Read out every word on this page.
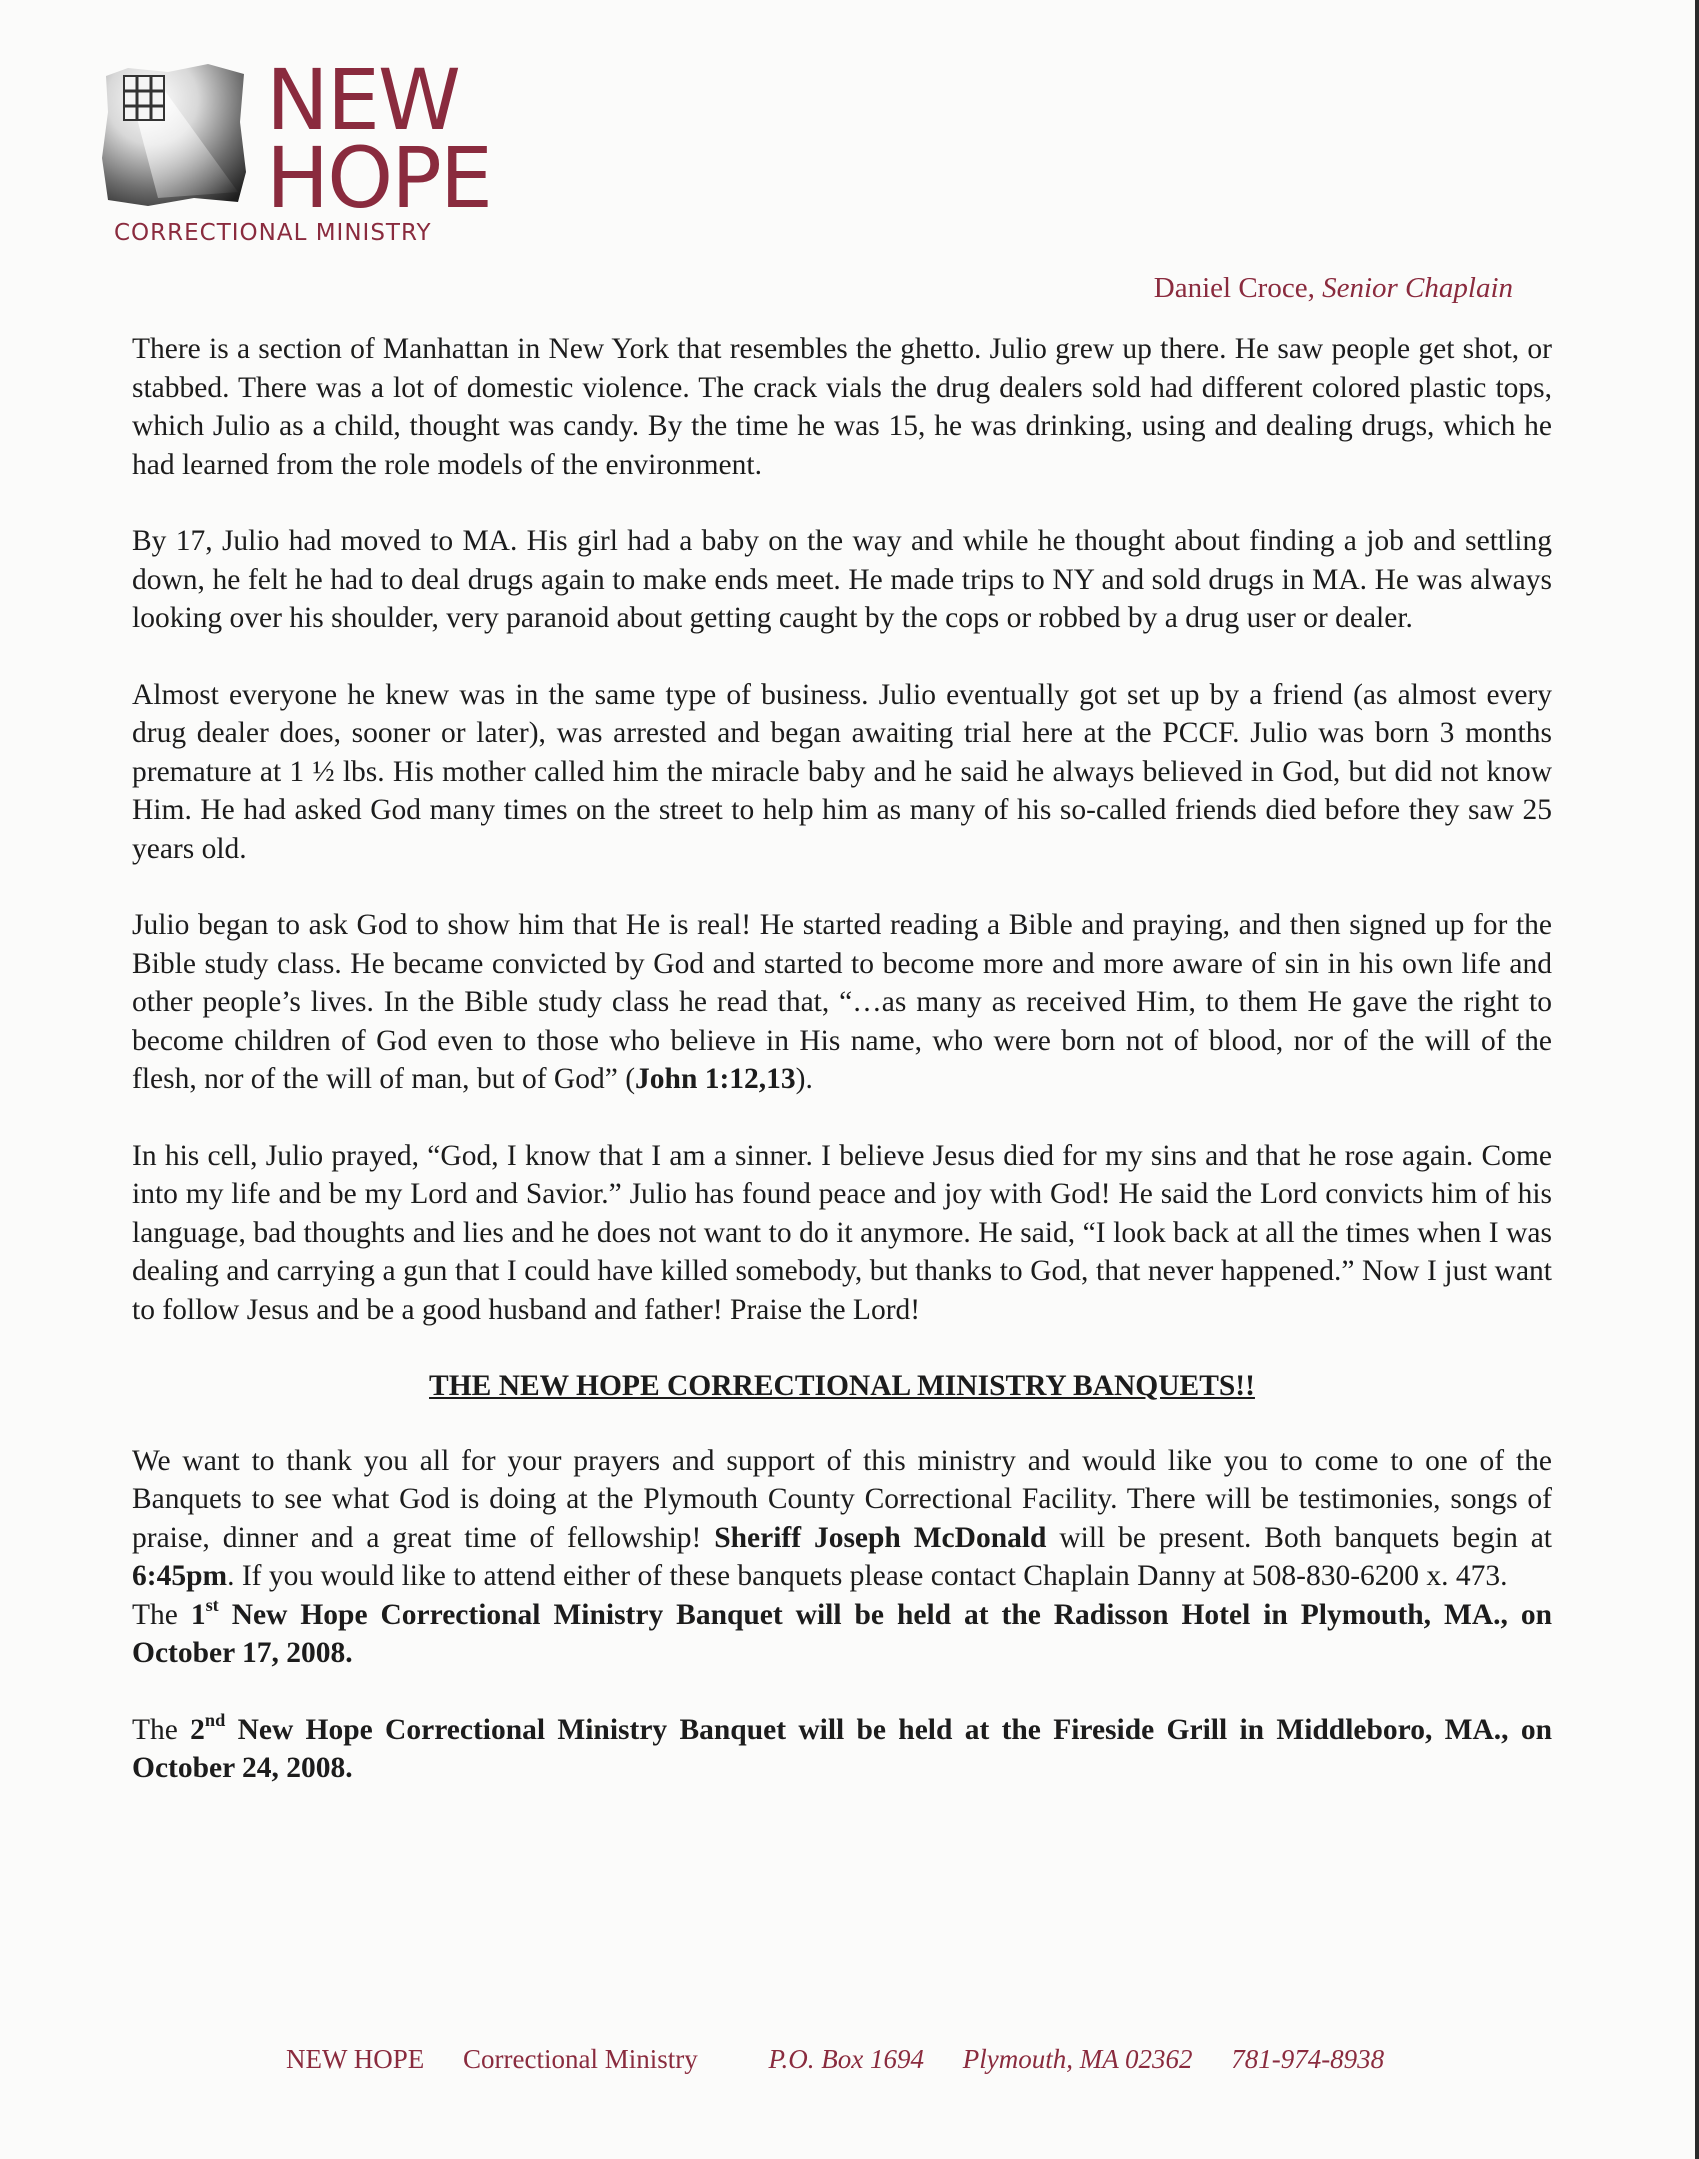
NEW
HOPE
CORRECTIONAL MINISTRY
Daniel Croce, Senior Chaplain

There is a section of Manhattan in New York that resembles the ghetto. Julio grew up there. He saw people get shot, or stabbed. There was a lot of domestic violence. The crack vials the drug dealers sold had different colored plastic tops, which Julio as a child, thought was candy. By the time he was 15, he was drinking, using and dealing drugs, which he had learned from the role models of the environment.

By 17, Julio had moved to MA. His girl had a baby on the way and while he thought about finding a job and settling down, he felt he had to deal drugs again to make ends meet. He made trips to NY and sold drugs in MA. He was always looking over his shoulder, very paranoid about getting caught by the cops or robbed by a drug user or dealer.

Almost everyone he knew was in the same type of business. Julio eventually got set up by a friend (as almost every drug dealer does, sooner or later), was arrested and began awaiting trial here at the PCCF. Julio was born 3 months premature at 1 ½ lbs. His mother called him the miracle baby and he said he always believed in God, but did not know Him. He had asked God many times on the street to help him as many of his so-called friends died before they saw 25 years old.

Julio began to ask God to show him that He is real! He started reading a Bible and praying, and then signed up for the Bible study class. He became convicted by God and started to become more and more aware of sin in his own life and other people’s lives. In the Bible study class he read that, “…as many as received Him, to them He gave the right to become children of God even to those who believe in His name, who were born not of blood, nor of the will of the flesh, nor of the will of man, but of God” (John 1:12,13).

In his cell, Julio prayed, “God, I know that I am a sinner. I believe Jesus died for my sins and that he rose again. Come into my life and be my Lord and Savior.” Julio has found peace and joy with God! He said the Lord convicts him of his language, bad thoughts and lies and he does not want to do it anymore. He said, “I look back at all the times when I was dealing and carrying a gun that I could have killed somebody, but thanks to God, that never happened.” Now I just want to follow Jesus and be a good husband and father! Praise the Lord!

THE NEW HOPE CORRECTIONAL MINISTRY BANQUETS!!

We want to thank you all for your prayers and support of this ministry and would like you to come to one of the Banquets to see what God is doing at the Plymouth County Correctional Facility. There will be testimonies, songs of praise, dinner and a great time of fellowship! Sheriff Joseph McDonald will be present. Both banquets begin at 6:45pm. If you would like to attend either of these banquets please contact Chaplain Danny at 508-830-6200 x. 473.

The 1st New Hope Correctional Ministry Banquet will be held at the Radisson Hotel in Plymouth, MA., on October 17, 2008.

The 2nd New Hope Correctional Ministry Banquet will be held at the Fireside Grill in Middleboro, MA., on October 24, 2008.

NEW HOPE Correctional Ministry	P.O. Box 1694 Plymouth, MA 02362 781-974-8938
